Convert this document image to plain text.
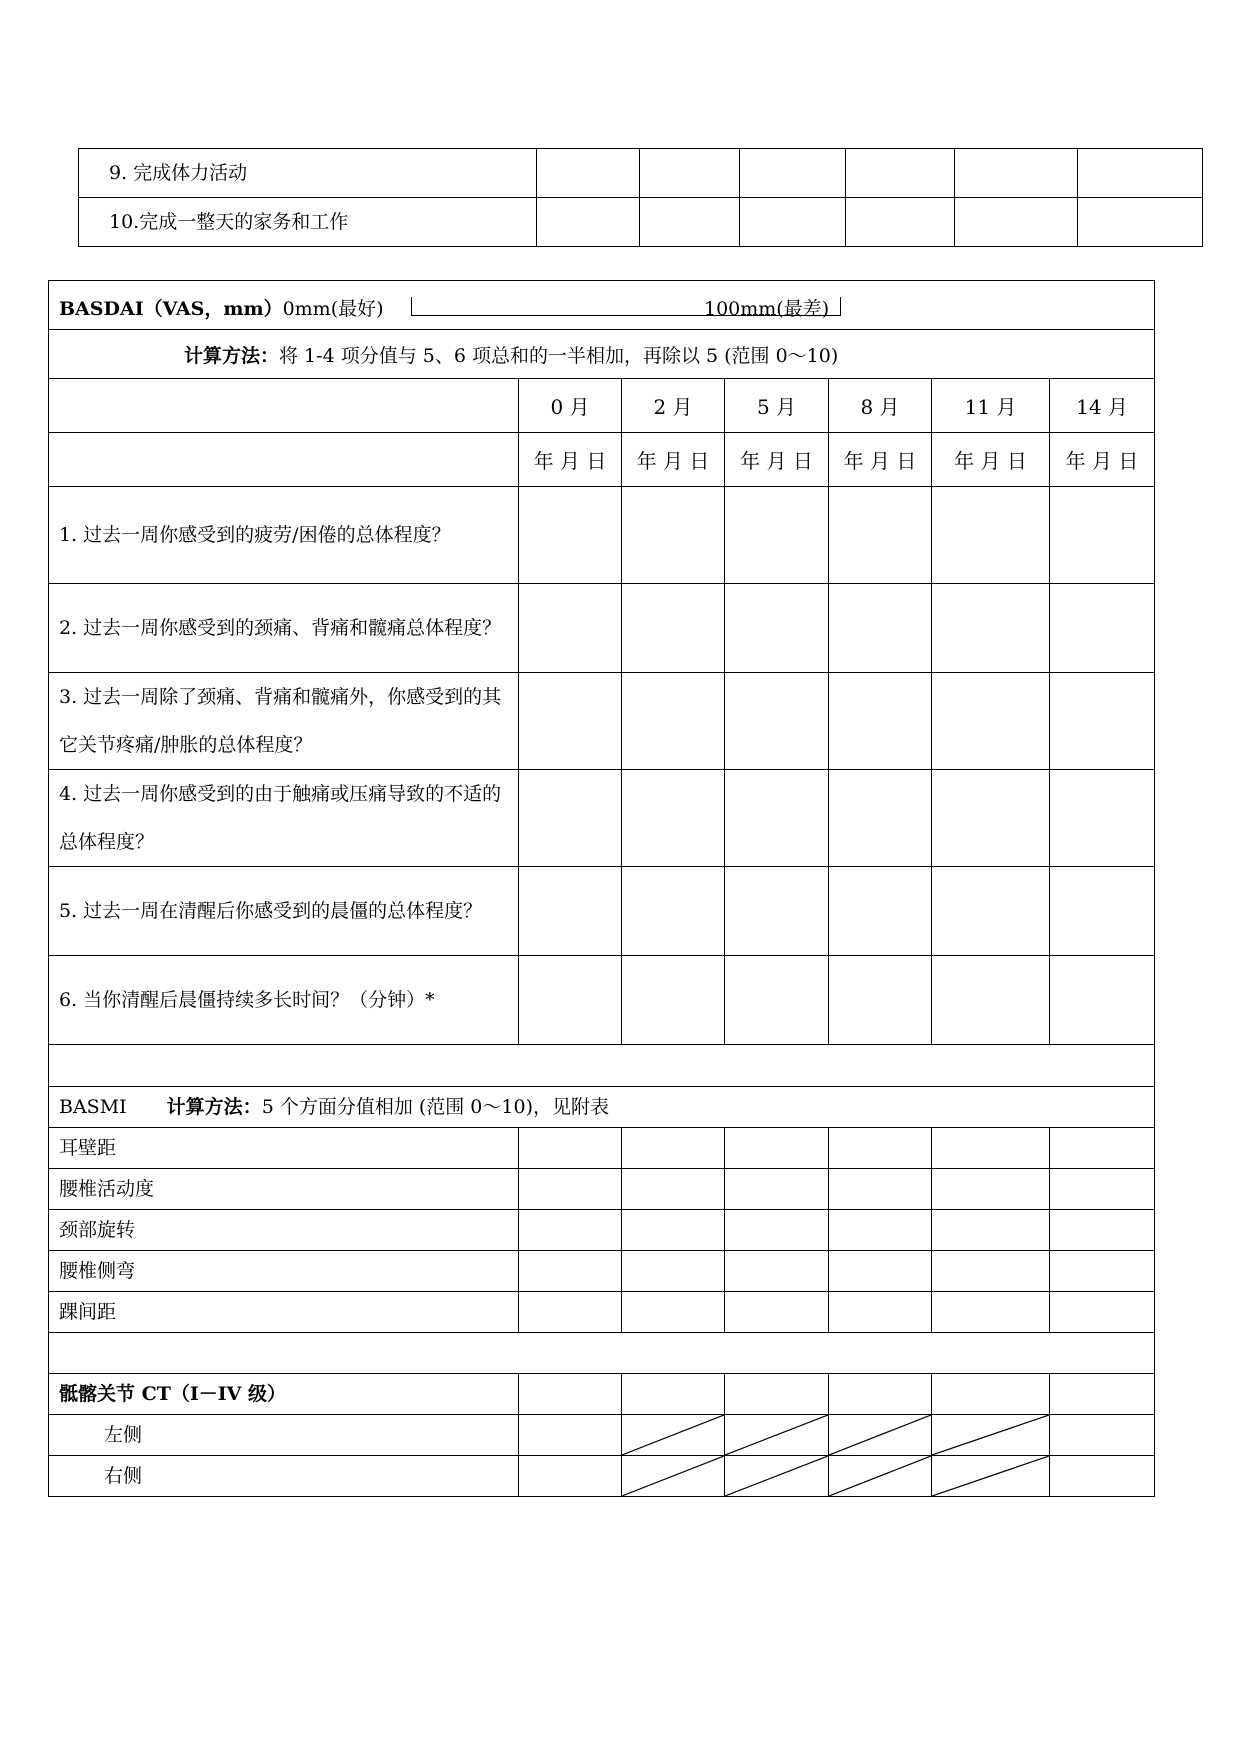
9. 完成体力活动						
10.完成一整天的家务和工作						
BASDAI（VAS，mm）0mm(最好) 100mm(最差)						

计算方法：将 1-4 项分值与 5、6 项总和的一半相加，再除以 5 (范围 0～10)						
	0 月	2 月	5 月	8 月	11 月	14 月
	年 月 日	年 月 日	年 月 日	年 月 日	年 月 日	年 月 日
1. 过去一周你感受到的疲劳/困倦的总体程度？						
2. 过去一周你感受到的颈痛、背痛和髋痛总体程度？						
3. 过去一周除了颈痛、背痛和髋痛外，你感受到的其它关节疼痛/肿胀的总体程度？						
4. 过去一周你感受到的由于触痛或压痛导致的不适的总体程度？						
5. 过去一周在清醒后你感受到的晨僵的总体程度？						
6. 当你清醒后晨僵持续多长时间？（分钟）*						

BASMI 计算方法：5 个方面分值相加 (范围 0～10)，见附表						
耳壁距						
腰椎活动度						
颈部旋转						
腰椎侧弯						
踝间距						

骶髂关节 CT（I－IV 级）						
左侧		

右侧		
